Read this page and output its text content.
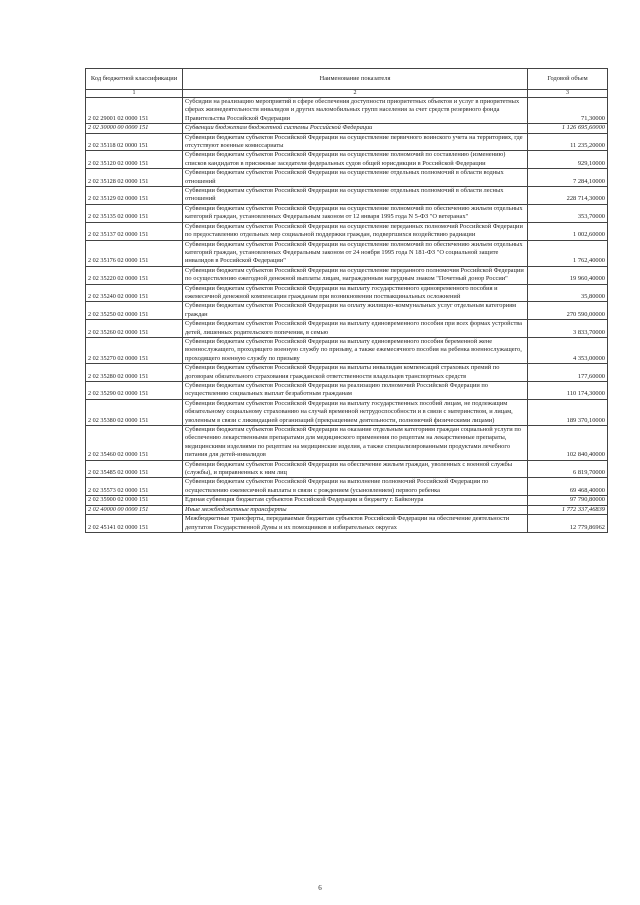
Код бюджетной классификации	Наименование показателя	Годовой объем
1	2	3
2 02 29001 02 0000 151	Субсидии на реализацию мероприятий в сфере обеспечения доступности приоритетных объектов и услуг в приоритетных сферах жизнедеятельности инвалидов и других маломобильных групп населения за счет средств резервного фонда Правительства Российской Федерации	71,30000
2 02 30000 00 0000 151	Субвенции бюджетам бюджетной системы Российской Федерации	1 126 695,60000
2 02 35118 02 0000 151	Субвенции бюджетам субъектов Российской Федерации на осуществление первичного воинского учета на территориях, где отсутствуют военные комиссариаты	11 235,20000
2 02 35120 02 0000 151	Субвенции бюджетам субъектов Российской Федерации на осуществление полномочий по составлению (изменению) списков кандидатов в присяжные заседатели федеральных судов общей юрисдикции в Российской Федерации	929,10000
2 02 35128 02 0000 151	Субвенции бюджетам субъектов Российской Федерации на осуществление отдельных полномочий в области водных отношений	7 284,10000
2 02 35129 02 0000 151	Субвенции бюджетам субъектов Российской Федерации на осуществление отдельных полномочий в области лесных отношений	228 714,30000
2 02 35135 02 0000 151	Субвенции бюджетам субъектов Российской Федерации на осуществление полномочий по обеспечению жильем отдельных категорий граждан, установленных Федеральным законом от 12 января 1995 года N 5-ФЗ "О ветеранах"	353,70000
2 02 35137 02 0000 151	Субвенции бюджетам субъектов Российской Федерации на осуществление переданных полномочий Российской Федерации по предоставлению отдельных мер социальной поддержки граждан, подвергшихся воздействию радиации	1 002,60000
2 02 35176 02 0000 151	Субвенции бюджетам субъектов Российской Федерации на осуществление полномочий по обеспечению жильем отдельных категорий граждан, установленных Федеральным законом от 24 ноября 1995 года N 181-ФЗ "О социальной защите инвалидов в Российской Федерации"	1 762,40000
2 02 35220 02 0000 151	Субвенции бюджетам субъектов Российской Федерации на осуществление переданного полномочия Российской Федерации по осуществлению ежегодной денежной выплаты лицам, награжденным нагрудным знаком "Почетный донор России"	19 960,40000
2 02 35240 02 0000 151	Субвенции бюджетам субъектов Российской Федерации на выплату государственного единовременного пособия и ежемесячной денежной компенсации гражданам при возникновении поствакцинальных осложнений	35,80000
2 02 35250 02 0000 151	Субвенции бюджетам субъектов Российской Федерации на оплату жилищно-коммунальных услуг отдельным категориям граждан	270 590,00000
2 02 35260 02 0000 151	Субвенции бюджетам субъектов Российской Федерации на выплату единовременного пособия при всех формах устройства детей, лишенных родительского попечения, в семью	3 833,70000
2 02 35270 02 0000 151	Субвенции бюджетам субъектов Российской Федерации на выплату единовременного пособия беременной жене военнослужащего, проходящего военную службу по призыву, а также ежемесячного пособия на ребенка военнослужащего, проходящего военную службу по призыву	4 353,00000
2 02 35280 02 0000 151	Субвенции бюджетам субъектов Российской Федерации на выплаты инвалидам компенсаций страховых премий по договорам обязательного страхования гражданской ответственности владельцев транспортных средств	177,60000
2 02 35290 02 0000 151	Субвенции бюджетам субъектов Российской Федерации на реализацию полномочий Российской Федерации по осуществлению социальных выплат безработным гражданам	110 174,30000
2 02 35380 02 0000 151	Субвенции бюджетам субъектов Российской Федерации на выплату государственных пособий лицам, не подлежащим обязательному социальному страхованию на случай временной нетрудоспособности и в связи с материнством, и лицам, уволенным в связи с ликвидацией организаций (прекращением деятельности, полномочий физическими лицами)	189 370,10000
2 02 35460 02 0000 151	Субвенции бюджетам субъектов Российской Федерации на оказание отдельным категориям граждан социальной услуги по обеспечению лекарственными препаратами для медицинского применения по рецептам на лекарственные препараты, медицинскими изделиями по рецептам на медицинские изделия, а также специализированными продуктами лечебного питания для детей-инвалидов	102 840,40000
2 02 35485 02 0000 151	Субвенции бюджетам субъектов Российской Федерации на обеспечение жильем граждан, уволенных с военной службы (службы), и приравненных к ним лиц	6 819,70000
2 02 35573 02 0000 151	Субвенции бюджетам субъектов Российской Федерации на выполнение полномочий Российской Федерации по осуществлению ежемесячной выплаты в связи с рождением (усыновлением) первого ребенка	69 468,40000
2 02 35900 02 0000 151	Единая субвенция бюджетам субъектов Российской Федерации и бюджету г. Байконура	97 790,80000
2 02 40000 00 0000 151	Иные межбюджетные трансферты	1 772 337,46839
2 02 45141 02 0000 151	Межбюджетные трансферты, передаваемые бюджетам субъектов Российской Федерации на обеспечение деятельности депутатов Государственной Думы и их помощников в избирательных округах	12 779,86962
6
